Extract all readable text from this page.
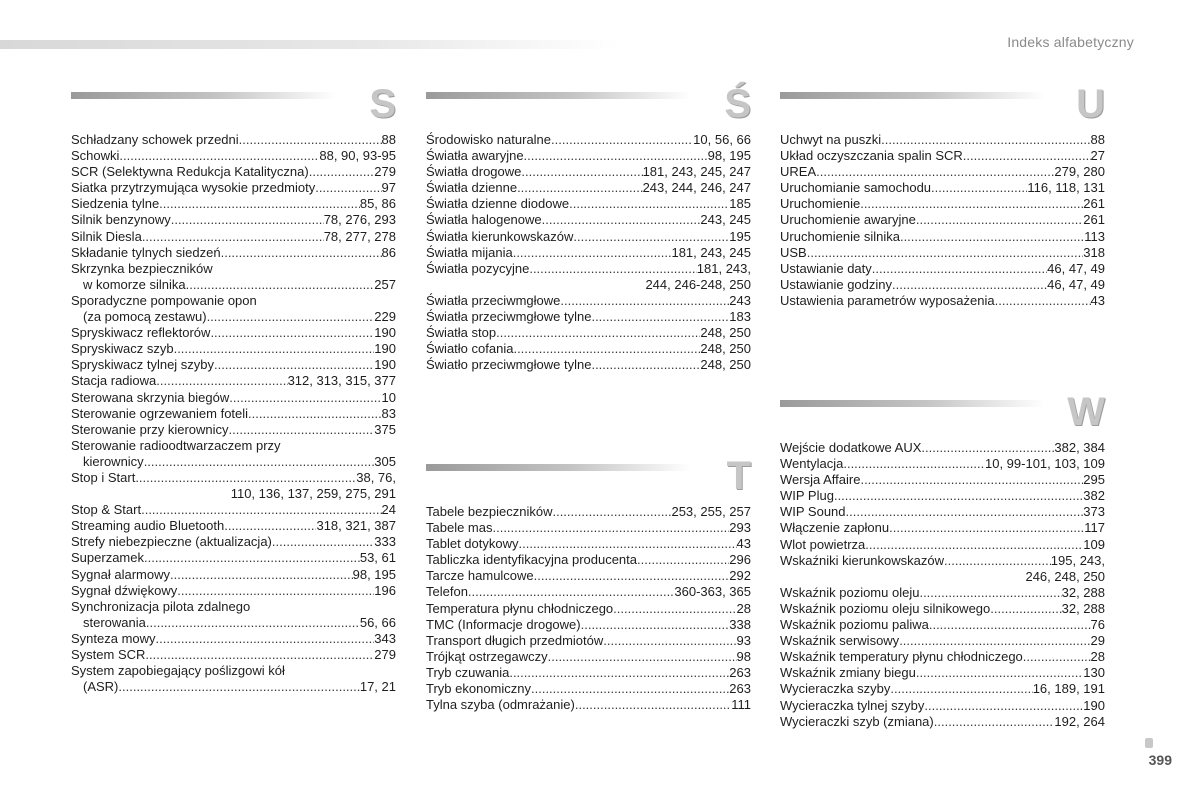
Indeks alfabetyczny
S
Schładzany schowek przedni .....	88
Schowki .....	88, 90, 93-95
SCR (Selektywna Redukcja Katalityczna) .....	279
Siatka przytrzymująca wysokie przedmioty .....	97
Siedzenia tylne .....	85, 86
Silnik benzynowy .....	78, 276, 293
Silnik Diesla .....	78, 277, 278
Składanie tylnych siedzeń .....	86
Skrzynka bezpieczników
w komorze silnika .....	257
Sporadyczne pompowanie opon
(za pomocą zestawu) .....	229
Spryskiwacz reflektorów .....	190
Spryskiwacz szyb .....	190
Spryskiwacz tylnej szyby .....	190
Stacja radiowa .....	312, 313, 315, 377
Sterowana skrzynia biegów .....	10
Sterowanie ogrzewaniem foteli .....	83
Sterowanie przy kierownicy .....	375
Sterowanie radioodtwarzaczem przy
kierownicy .....	305
Stop i Start .....	38, 76,
110, 136, 137, 259, 275, 291
Stop & Start .....	24
Streaming audio Bluetooth .....	318, 321, 387
Strefy niebezpieczne (aktualizacja) .....	333
Superzamek .....	53, 61
Sygnał alarmowy .....	98, 195
Sygnał dźwiękowy .....	196
Synchronizacja pilota zdalnego
sterowania .....	56, 66
Synteza mowy .....	343
System SCR .....	279
System zapobiegający poślizgowi kół
(ASR) .....	17, 21
Ś
Środowisko naturalne .....	10, 56, 66
Światła awaryjne .....	98, 195
Światła drogowe .....	181, 243, 245, 247
Światła dzienne .....	243, 244, 246, 247
Światła dzienne diodowe .....	185
Światła halogenowe .....	243, 245
Światła kierunkowskazów .....	195
Światła mijania .....	181, 243, 245
Światła pozycyjne .....	181, 243,
244, 246-248, 250
Światła przeciwmgłowe .....	243
Światła przeciwmgłowe tylne .....	183
Światła stop .....	248, 250
Światło cofania .....	248, 250
Światło przeciwmgłowe tylne .....	248, 250
T
Tabele bezpieczników .....	253, 255, 257
Tabele mas .....	293
Tablet dotykowy .....	43
Tabliczka identyfikacyjna producenta .....	296
Tarcze hamulcowe .....	292
Telefon .....	360-363, 365
Temperatura płynu chłodniczego .....	28
TMC (Informacje drogowe) .....	338
Transport długich przedmiotów .....	93
Trójkąt ostrzegawczy .....	98
Tryb czuwania .....	263
Tryb ekonomiczny .....	263
Tylna szyba (odmrażanie) .....	111
U
Uchwyt na puszki .....	88
Układ oczyszczania spalin SCR .....	27
UREA .....	279, 280
Uruchomianie samochodu .....	116, 118, 131
Uruchomienie .....	261
Uruchomienie awaryjne .....	261
Uruchomienie silnika .....	113
USB .....	318
Ustawianie daty .....	46, 47, 49
Ustawianie godziny .....	46, 47, 49
Ustawienia parametrów wyposażenia .....	43
W
Wejście dodatkowe AUX .....	382, 384
Wentylacja .....	10, 99-101, 103, 109
Wersja Affaire .....	295
WIP Plug .....	382
WIP Sound .....	373
Włączenie zapłonu .....	117
Wlot powietrza .....	109
Wskaźniki kierunkowskazów .....	195, 243,
246, 248, 250
Wskaźnik poziomu oleju .....	32, 288
Wskaźnik poziomu oleju silnikowego .....	32, 288
Wskaźnik poziomu paliwa .....	76
Wskaźnik serwisowy .....	29
Wskaźnik temperatury płynu chłodniczego .....	28
Wskaźnik zmiany biegu .....	130
Wycieraczka szyby .....	16, 189, 191
Wycieraczka tylnej szyby .....	190
Wycieraczki szyb (zmiana) .....	192, 264
399
